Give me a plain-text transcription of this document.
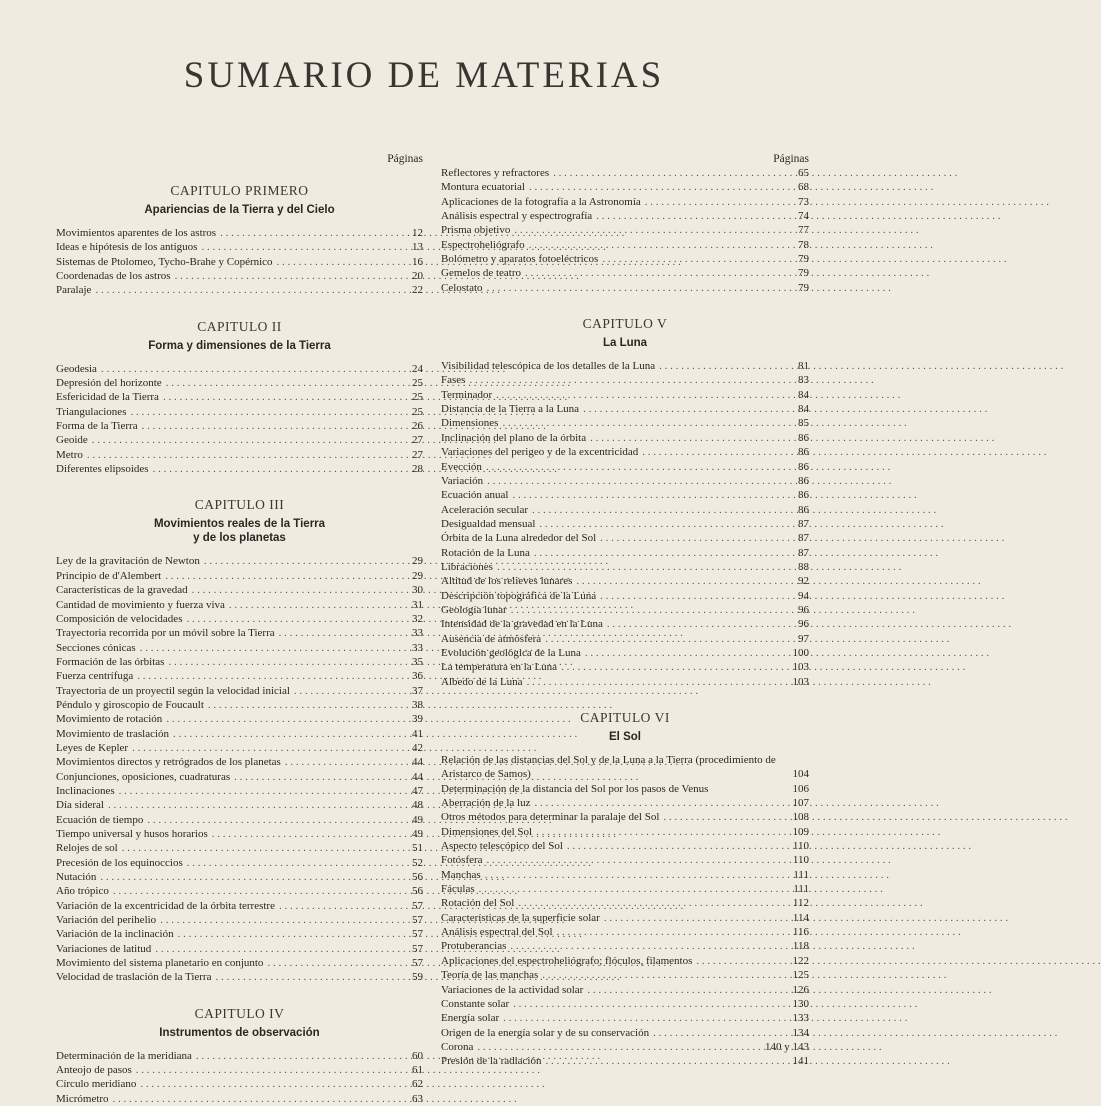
SUMARIO DE MATERIAS
Páginas
CAPITULO PRIMERO
Apariencias de la Tierra y del Cielo
Movimientos aparentes de los astros . . .	12
Ideas e hipótesis de los antiguos . . .	13
Sistemas de Ptolomeo, Tycho-Brahe y Copérnico . . .	16
Coordenadas de los astros . . .	20
Paralaje . . .	22
CAPITULO II
Forma y dimensiones de la Tierra
Geodesia . . .	24
Depresión del horizonte . . .	25
Esfericidad de la Tierra . . .	25
Triangulaciones . . .	25
Forma de la Tierra . . .	26
Geoide . . .	27
Metro . . .	27
Diferentes elipsoides . . .	28
CAPITULO III
Movimientos reales de la Tierra
y de los planetas
Ley de la gravitación de Newton . . .	29
Principio de d'Alembert . . .	29
Características de la gravedad . . .	30
Cantidad de movimiento y fuerza viva . . .	31
Composición de velocidades . . .	32
Trayectoria recorrida por un móvil sobre la Tierra . . .	33
Secciones cónicas . . .	33
Formación de las órbitas . . .	35
Fuerza centrífuga . . .	36
Trayectoria de un proyectil según la velocidad inicial . . .	37
Péndulo y giroscopio de Foucault . . .	38
Movimiento de rotación . . .	39
Movimiento de traslación . . .	41
Leyes de Kepler . . .	42
Movimientos directos y retrógrados de los planetas . . .	44
Conjunciones, oposiciones, cuadraturas . . .	44
Inclinaciones . . .	47
Día sideral . . .	48
Ecuación de tiempo . . .	49
Tiempo universal y husos horarios . . .	49
Relojes de sol . . .	51
Precesión de los equinoccios . . .	52
Nutación . . .	56
Año trópico . . .	56
Variación de la excentricidad de la órbita terrestre . . .	57
Variación del perihelio . . .	57
Variación de la inclinación . . .	57
Variaciones de latitud . . .	57
Movimiento del sistema planetario en conjunto . . .	57
Velocidad de traslación de la Tierra . . .	59
CAPITULO IV
Instrumentos de observación
Determinación de la meridiana . . .	60
Anteojo de pasos . . .	61
Círculo meridiano . . .	62
Micrómetro . . .	63
Páginas
Reflectores y refractores . . .	65
Montura ecuatorial . . .	68
Aplicaciones de la fotografía a la Astronomía . . .	73
Análisis espectral y espectrografía . . .	74
Prisma objetivo . . .	77
Espectroheliógrafo . . .	78
Bolómetro y aparatos fotoeléctricos . . .	79
Gemelos de teatro . . .	79
Celostato . . .	79
CAPITULO V
La Luna
Visibilidad telescópica de los detalles de la Luna . . .	81
Fases . . .	83
Terminador . . .	84
Distancia de la Tierra a la Luna . . .	84
Dimensiones . . .	85
Inclinación del plano de la órbita . . .	86
Variaciones del perigeo y de la excentricidad . . .	86
Evección . . .	86
Variación . . .	86
Ecuación anual . . .	86
Aceleración secular . . .	86
Desigualdad mensual . . .	87
Órbita de la Luna alrededor del Sol . . .	87
Rotación de la Luna . . .	87
Libraciones . . .	88
Altitud de los relieves lunares . . .	92
Descripción topográfica de la Luna . . .	94
Geología lunar . . .	96
Intensidad de la gravedad en la Luna . . .	96
Ausencia de atmósfera . . .	97
Evolución geológica de la Luna . . .	100
La temperatura en la Luna . . .	103
Albedo de la Luna . . .	103
CAPITULO VI
El Sol
Relación de las distancias del Sol y de la Luna a la Tierra (procedimiento de Aristarco de Samos)	104
Determinación de la distancia del Sol por los pasos de Venus	106
Aberración de la luz . . .	107
Otros métodos para determinar la paralaje del Sol . . .	108
Dimensiones del Sol . . .	109
Aspecto telescópico del Sol . . .	110
Fotósfera . . .	110
Manchas . . .	111
Fáculas . . .	111
Rotación del Sol . . .	112
Características de la superficie solar . . .	114
Análisis espectral del Sol . . .	116
Protuberancias . . .	118
Aplicaciones del espectroheliógrafo; flóculos, filamentos . . .	122
Teoría de las manchas . . .	125
Variaciones de la actividad solar . . .	126
Constante solar . . .	130
Energía solar . . .	133
Origen de la energía solar y de su conservación . . .	134
Corona . . .	140 y 143
Presión de la radiación . . .	141
